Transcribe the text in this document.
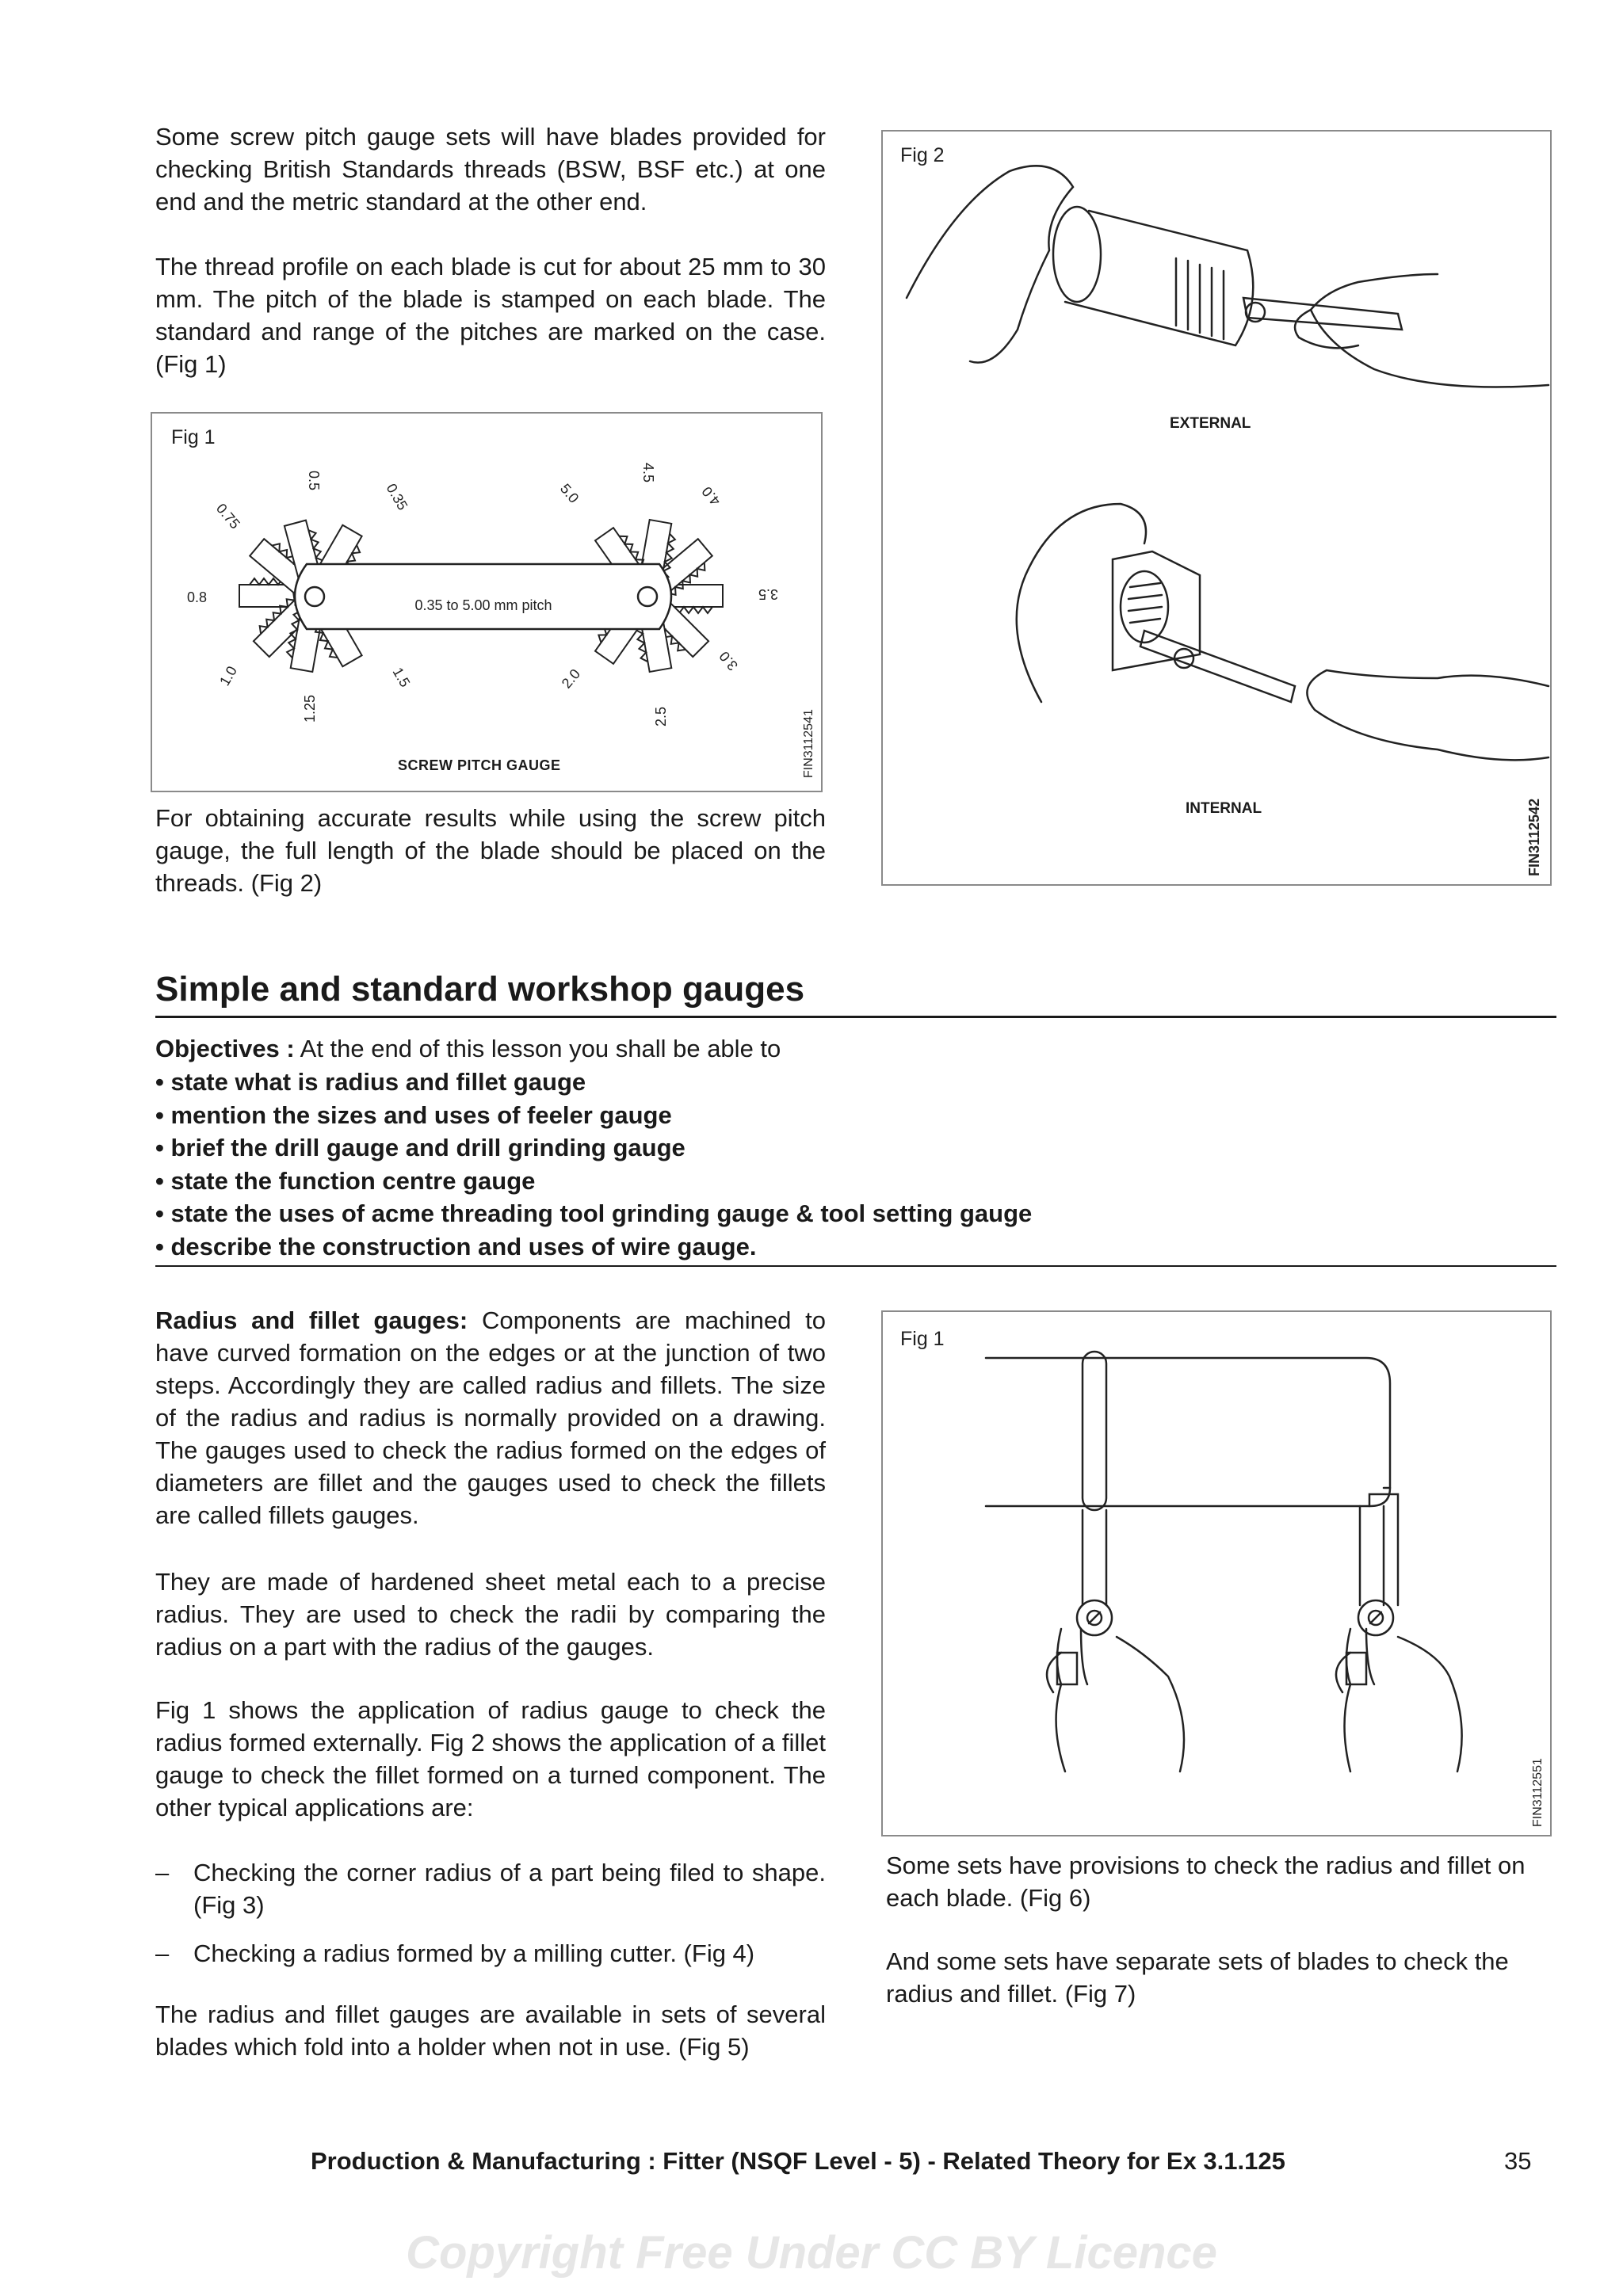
Some screw pitch gauge sets will have blades provided for checking British Standards threads (BSW, BSF etc.) at one end and the metric standard at the other end.

The thread profile on each blade is cut for about 25 mm to 30 mm. The pitch of the blade is stamped on each blade. The standard and range of the pitches are marked on the case. (Fig 1)

Fig 1
0.35 to 5.00 mm pitch
0.8
0.75
0.5
0.35
1.0
1.25
1.5
5.0
4.5
4.0
3.5
2.0
2.5
3.0
SCREW PITCH GAUGE	FIN3112541

For obtaining accurate results while using the screw pitch gauge, the full length of the blade should be placed on the threads. (Fig 2)

Fig 2
EXTERNAL
INTERNAL	FIN3112542
Simple and standard workshop gauges
Objectives : At the end of this lesson you shall be able to
• state what is radius and fillet gauge
• mention the sizes and uses of feeler gauge
• brief the drill gauge and drill grinding gauge
• state the function centre gauge
• state the uses of acme threading tool grinding gauge & tool setting gauge
• describe the construction and uses of wire gauge.

Radius and fillet gauges: Components are machined to have curved formation on the edges or at the junction of two steps. Accordingly they are called radius and fillets. The size of the radius and radius is normally provided on a drawing. The gauges used to check the radius formed on the edges of diameters are fillet and the gauges used to check the fillets are called fillets gauges.

They are made of hardened sheet metal each to a precise radius. They are used to check the radii by comparing the radius on a part with the radius of the gauges.

Fig 1 shows the application of radius gauge to check the radius formed externally. Fig 2 shows the application of a fillet gauge to check the fillet formed on a turned component. The other typical applications are:

– Checking the corner radius of a part being filed to shape. (Fig 3)
– Checking a radius formed by a milling cutter. (Fig 4)

The radius and fillet gauges are available in sets of several blades which fold into a holder when not in use. (Fig 5)

Fig 1
FIN3112551

Some sets have provisions to check the radius and fillet on each blade. (Fig 6)

And some sets have separate sets of blades to check the radius and fillet. (Fig 7)

Production & Manufacturing : Fitter (NSQF Level - 5) - Related Theory for Ex 3.1.125	35
Copyright Free Under CC BY Licence
